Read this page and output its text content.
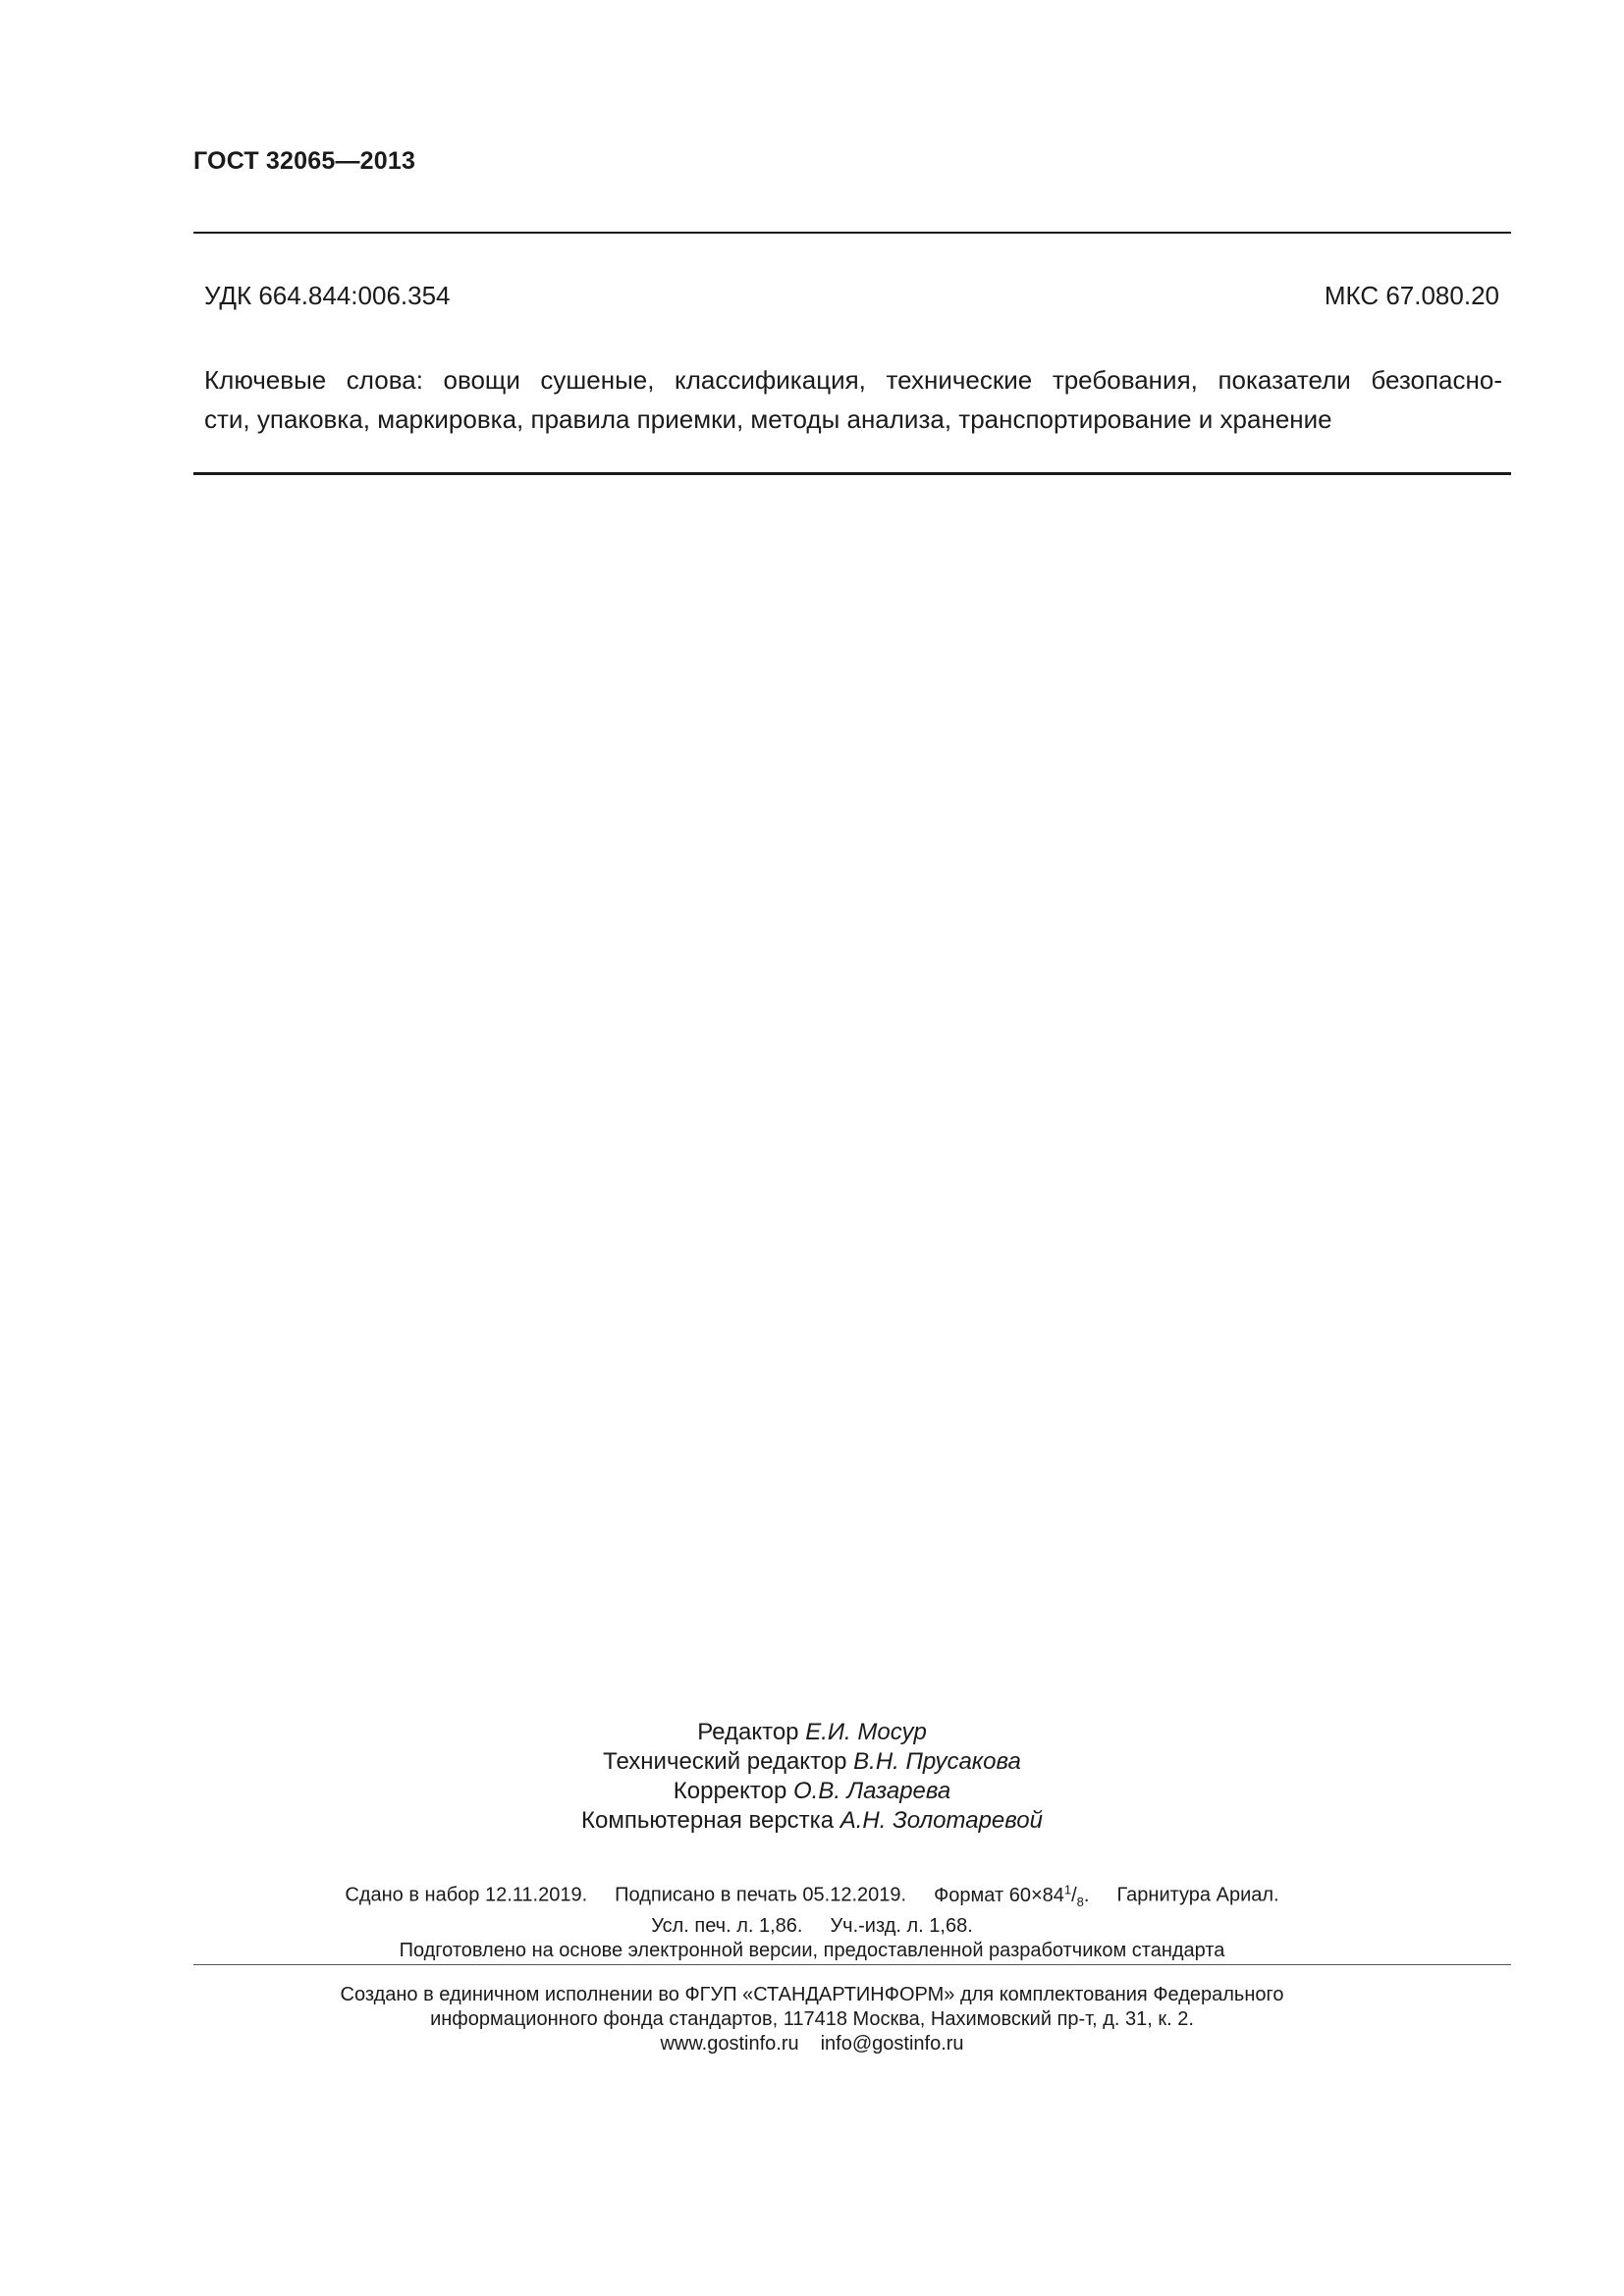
ГОСТ 32065—2013
УДК 664.844:006.354	МКС 67.080.20
Ключевые слова: овощи сушеные, классификация, технические требования, показатели безопасно-
сти, упаковка, маркировка, правила приемки, методы анализа, транспортирование и хранение
Редактор Е.И. Мосур
Технический редактор В.Н. Прусакова
Корректор О.В. Лазарева
Компьютерная верстка А.Н. Золотаревой
Сдано в набор 12.11.2019. Подписано в печать 05.12.2019. Формат $60\times 84^1/_8$. Гарнитура Ариал.
Усл. печ. л. 1,86. Уч.-изд. л. 1,68.
Подготовлено на основе электронной версии, предоставленной разработчиком стандарта
Создано в единичном исполнении во ФГУП «СТАНДАРТИНФОРМ» для комплектования Федерального
информационного фонда стандартов, 117418 Москва, Нахимовский пр-т, д. 31, к. 2.
www.gostinfo.ru info@gostinfo.ru
